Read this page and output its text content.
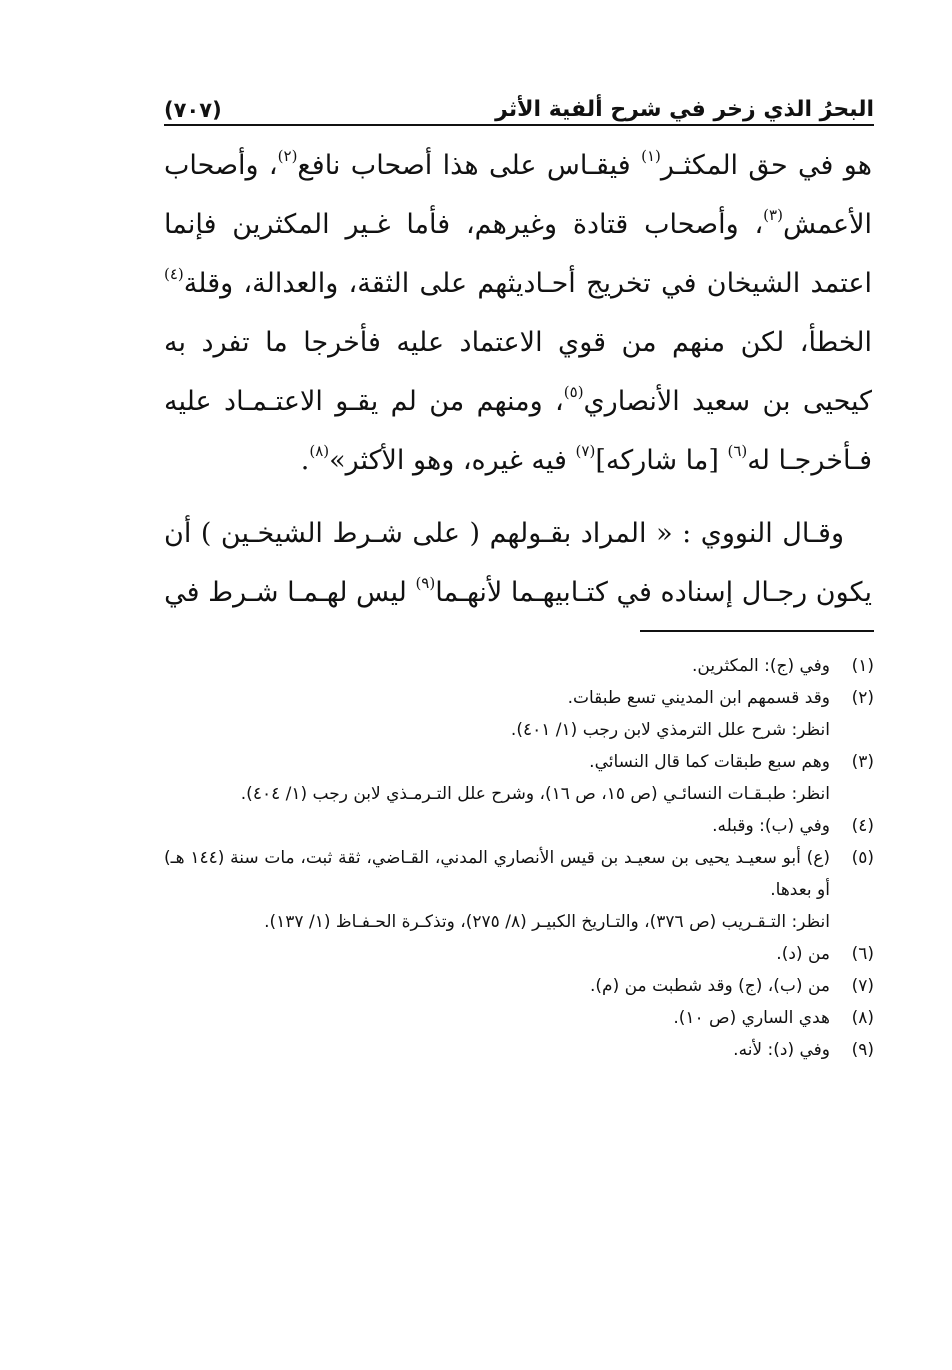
البحرُ الذي زخر في شرح ألفية الأثر
(٧٠٧)

هو في حق المكثـر$^{(١)}$ فيقـاس على هذا أصحاب نافع$^{(٢)}$، وأصحاب الأعمش$^{(٣)}$، وأصحاب قتادة وغيرهم، فأما غـير المكثرين فإنما اعتمد الشيخان في تخريج أحـاديثهم على الثقة، والعدالة، وقلة$^{(٤)}$ الخطأ، لكن منهم من قوي الاعتماد عليه فأخرجا ما تفرد به كيحيى بن سعيد الأنصاري$^{(٥)}$، ومنهم من لم يقـو الاعتـمـاد عليه فـأخرجـا له$^{(٦)}$ [ما شاركه]$^{(٧)}$ فيه غيره، وهو الأكثر»$^{(٨)}$.

وقـال النووي : « المراد بقـولهم ( على شـرط الشيخـين ) أن يكون رجـال إسناده في كتـابيهـما لأنهـما$^{(٩)}$ ليس لهـمـا شـرط في

(١)
وفي (ج): المكثرين.
(٢)
وقد قسمهم ابن المديني تسع طبقات.
انظر: شرح علل الترمذي لابن رجب (١/ ٤٠١).
(٣)
وهم سبع طبقات كما قال النسائي.
انظر: طبـقـات النسائـي (ص ١٥، ص ١٦)، وشرح علل التـرمـذي لابن رجب (١/ ٤٠٤).
(٤)
وفي (ب): وقبله.
(٥)
(ع) أبو سعيـد يحيى بن سعيـد بن قيس الأنصاري المدني، القـاضي، ثقة ثبت، مات سنة (١٤٤ هـ) أو بعدها.
انظر: التـقـريب (ص ٣٧٦)، والتـاريخ الكبيـر (٨/ ٢٧٥)، وتذكـرة الحـفـاظ (١/ ١٣٧).
(٦)
من (د).
(٧)
من (ب)، (ج) وقد شطبت من (م).
(٨)
هدي الساري (ص ١٠).
(٩)
وفي (د): لأنه.
